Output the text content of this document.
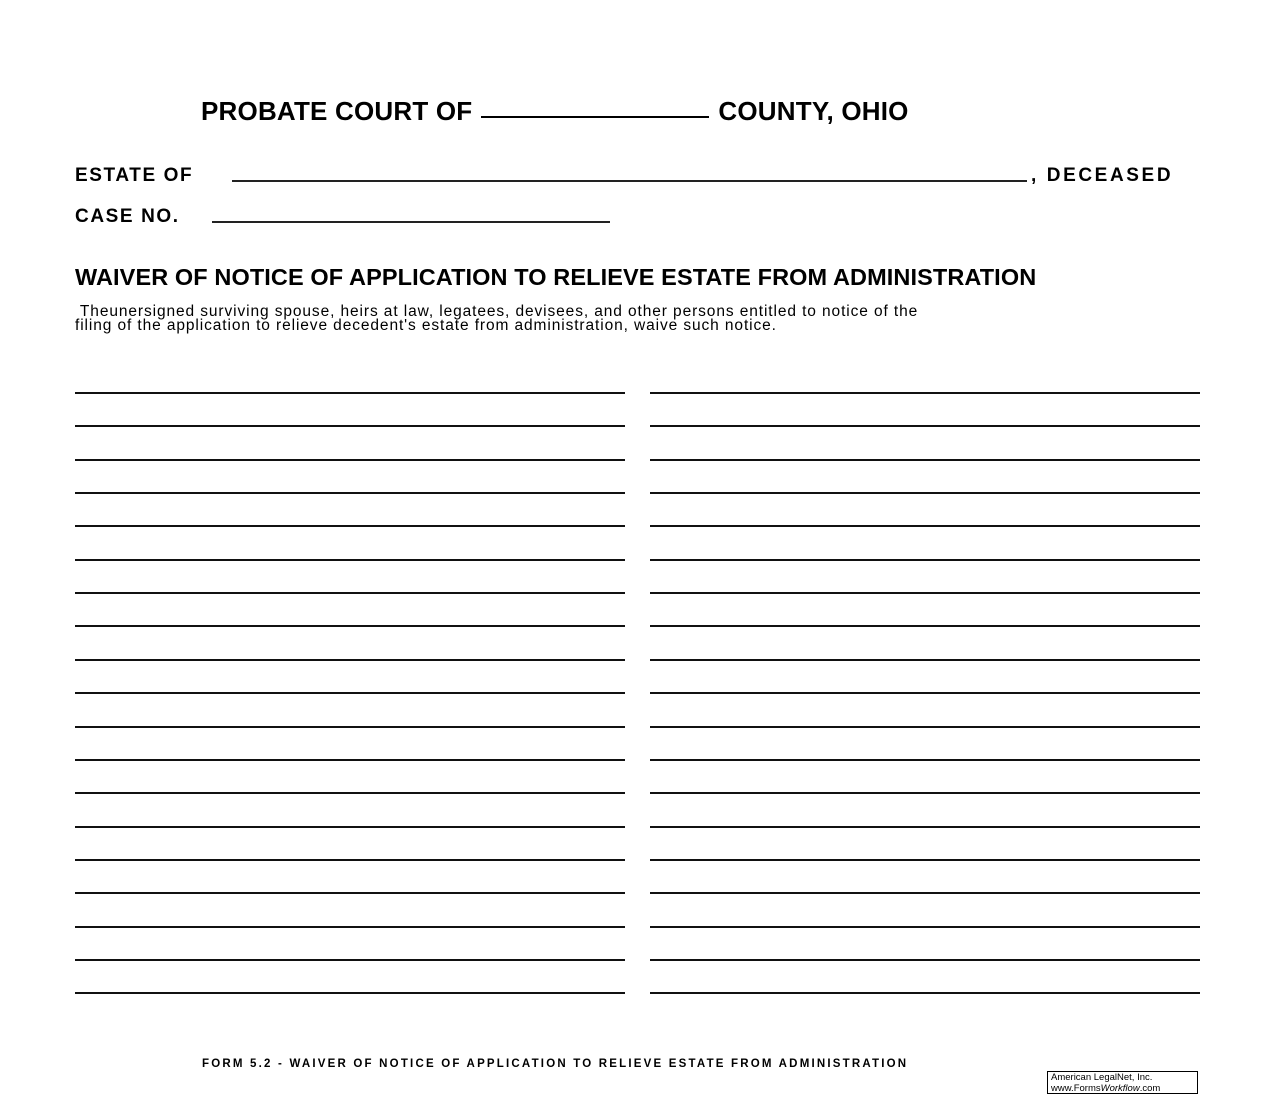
PROBATE COURT OF	COUNTY, OHIO
ESTATE OF	, DECEASED
CASE NO.
WAIVER OF NOTICE OF APPLICATION TO RELIEVE ESTATE FROM ADMINISTRATION
Theunersigned surviving spouse, heirs at law, legatees, devisees, and other persons entitled to notice of the
filing of the application to relieve decedent's estate from administration, waive such notice.
FORM 5.2 - WAIVER OF NOTICE OF APPLICATION TO RELIEVE ESTATE FROM ADMINISTRATION
American LegalNet, Inc.
www.FormsWorkflow.com
